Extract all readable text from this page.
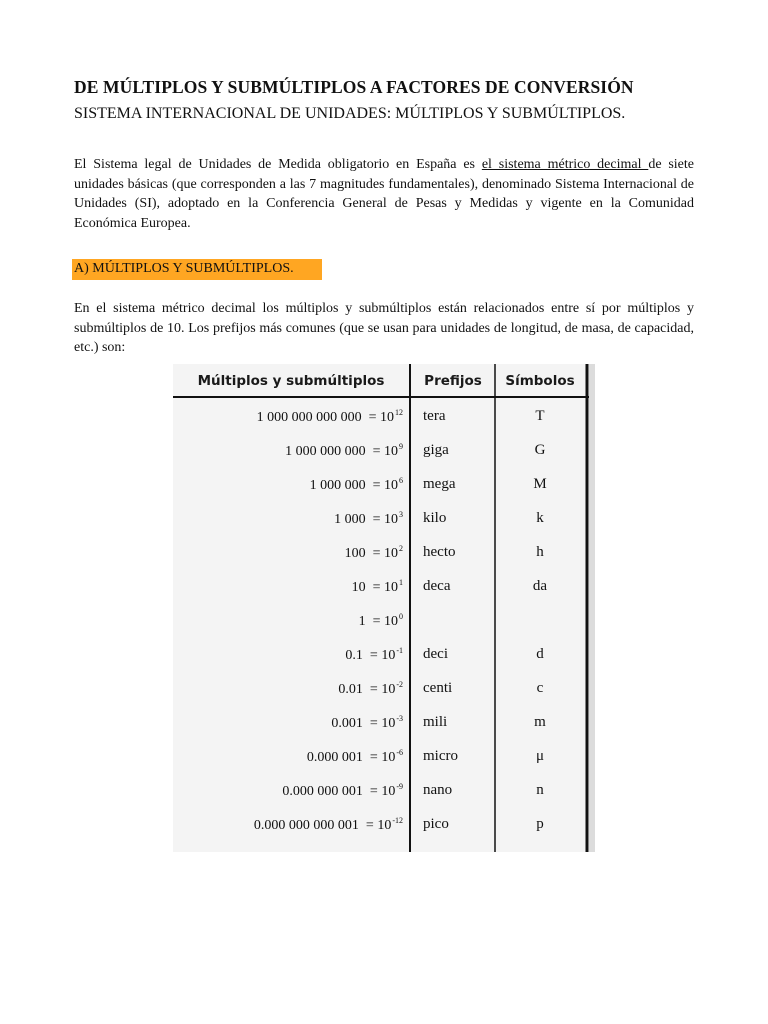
DE MÚLTIPLOS Y SUBMÚLTIPLOS A FACTORES DE CONVERSIÓN
SISTEMA INTERNACIONAL DE UNIDADES: MÚLTIPLOS Y SUBMÚLTIPLOS.

El Sistema legal de Unidades de Medida obligatorio en España es el sistema métrico decimal de siete unidades básicas (que corresponden a las 7 magnitudes fundamentales), denominado Sistema Internacional de Unidades (SI), adoptado en la Conferencia General de Pesas y Medidas y vigente en la Comunidad Económica Europea.

A) MÚLTIPLOS Y SUBMÚLTIPLOS.

En el sistema métrico decimal los múltiplos y submúltiplos están relacionados entre sí por múltiplos y submúltiplos de 10. Los prefijos más comunes (que se usan para unidades de longitud, de masa, de capacidad, etc.) son:

Múltiplos y submúltiplos	Prefijos	Símbolos
1 000 000 000 $000 = 10^{12}$ tera	T
1 000 000 $000 = 10^9$ giga	G
1 000 $000 = 10^6$ mega	M
1 $000 = 10^3$ kilo	k
$100 = 10^2$ hecto	h
$10 = 10^1$ deca	da
$1 = 10^0$
$0.1 = 10^{-1}$ deci	d
$0.01 = 10^{-2}$ centi	c
$0.001 = 10^{-3}$ mili	m
0.000 $001 = 10^{-6}$ micro	μ
0.000 000 $001 = 10^{-9}$ nano	n
0.000 000 000 $001 = 10^{-12}$ pico	p
